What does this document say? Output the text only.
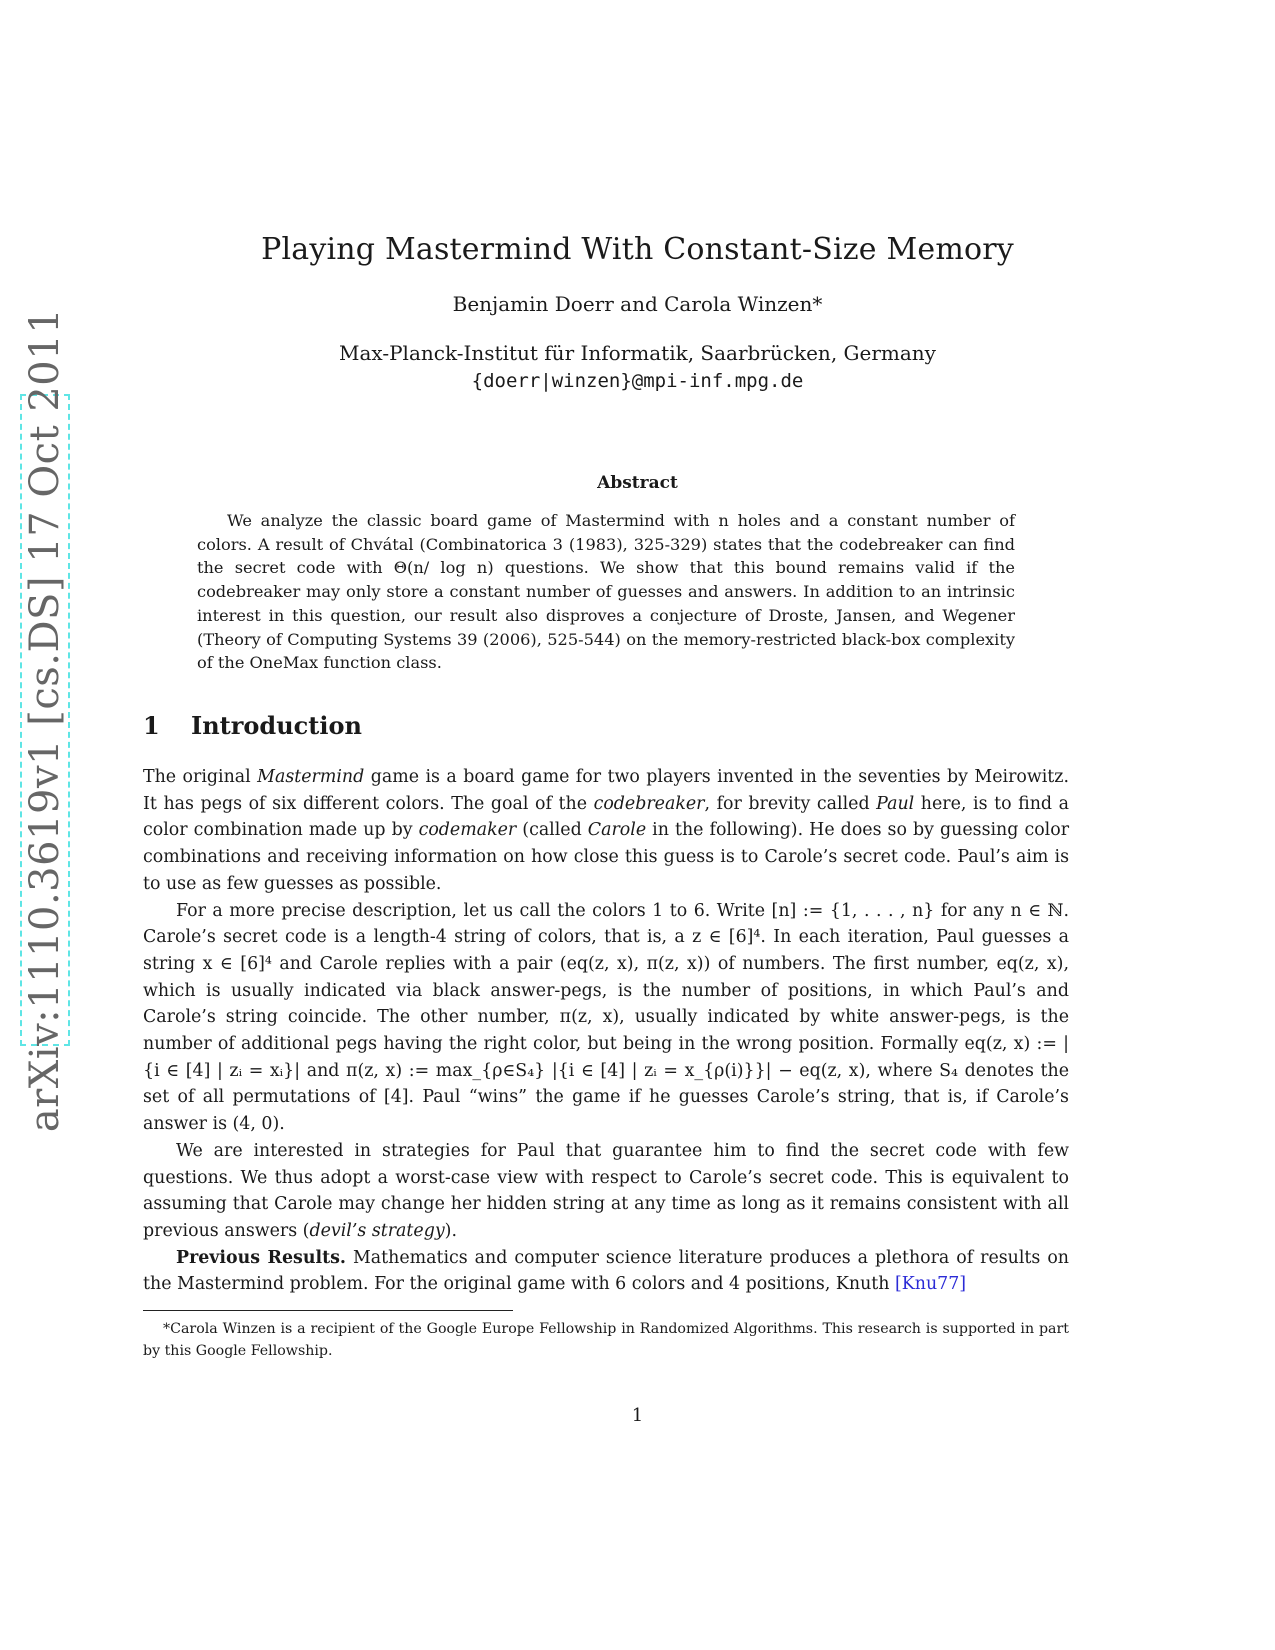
arXiv:1110.3619v1 [cs.DS] 17 Oct 2011
Playing Mastermind With Constant-Size Memory
Benjamin Doerr and Carola Winzen*
Max-Planck-Institut für Informatik, Saarbrücken, Germany
{doerr|winzen}@mpi-inf.mpg.de
Abstract
We analyze the classic board game of Mastermind with n holes and a constant number of colors. A result of Chvátal (Combinatorica 3 (1983), 325-329) states that the codebreaker can find the secret code with Θ(n/ log n) questions. We show that this bound remains valid if the codebreaker may only store a constant number of guesses and answers. In addition to an intrinsic interest in this question, our result also disproves a conjecture of Droste, Jansen, and Wegener (Theory of Computing Systems 39 (2006), 525-544) on the memory-restricted black-box complexity of the OneMax function class.
1 Introduction

The original Mastermind game is a board game for two players invented in the seventies by Meirowitz. It has pegs of six different colors. The goal of the codebreaker, for brevity called Paul here, is to find a color combination made up by codemaker (called Carole in the following). He does so by guessing color combinations and receiving information on how close this guess is to Carole’s secret code. Paul’s aim is to use as few guesses as possible.

For a more precise description, let us call the colors 1 to 6. Write [n] := {1, . . . , n} for any n ∈ ℕ. Carole’s secret code is a length-4 string of colors, that is, a z ∈ [6]⁴. In each iteration, Paul guesses a string x ∈ [6]⁴ and Carole replies with a pair (eq(z, x), π(z, x)) of numbers. The first number, eq(z, x), which is usually indicated via black answer-pegs, is the number of positions, in which Paul’s and Carole’s string coincide. The other number, π(z, x), usually indicated by white answer-pegs, is the number of additional pegs having the right color, but being in the wrong position. Formally eq(z, x) := |{i ∈ [4] | zᵢ = xᵢ}| and π(z, x) := max_{ρ∈S₄} |{i ∈ [4] | zᵢ = x_{ρ(i)}}| − eq(z, x), where S₄ denotes the set of all permutations of [4]. Paul “wins” the game if he guesses Carole’s string, that is, if Carole’s answer is (4, 0).

We are interested in strategies for Paul that guarantee him to find the secret code with few questions. We thus adopt a worst-case view with respect to Carole’s secret code. This is equivalent to assuming that Carole may change her hidden string at any time as long as it remains consistent with all previous answers (devil’s strategy).

Previous Results. Mathematics and computer science literature produces a plethora of results on the Mastermind problem. For the original game with 6 colors and 4 positions, Knuth [Knu77]

*Carola Winzen is a recipient of the Google Europe Fellowship in Randomized Algorithms. This research is supported in part by this Google Fellowship.
1
